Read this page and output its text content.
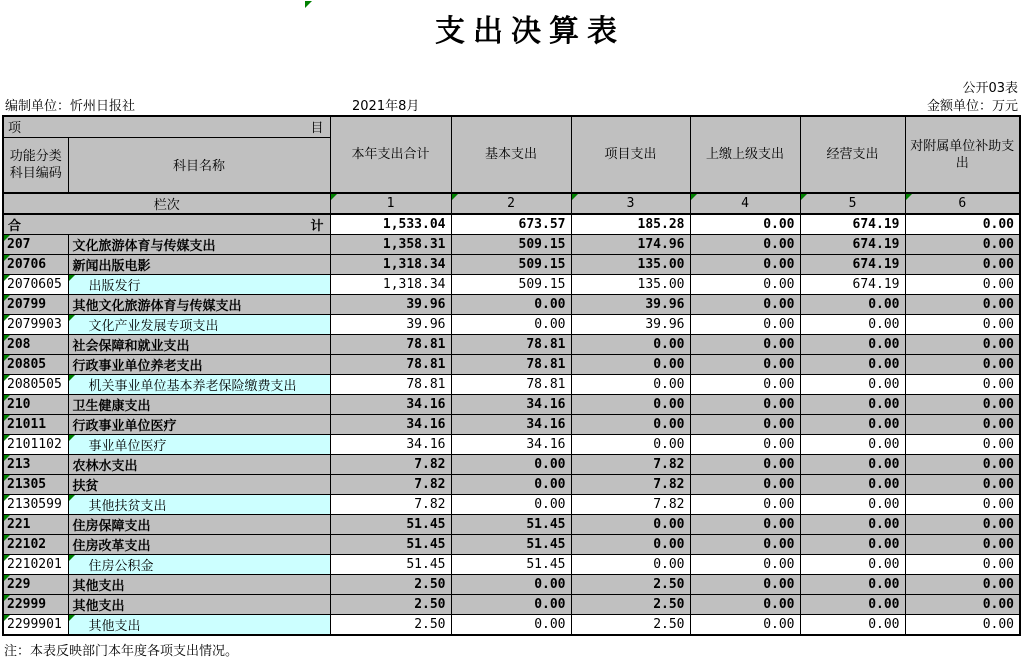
支出决算表
公开03表
编制单位：忻州日报社	2021年8月	金额单位：万元
项 目		本年支出合计	基本支出	项目支出	上缴上级支出	经营支出	对附属单位补助支出

功能分类
科目编码	科目名称						
栏次		1	2	3	4	5	6

合 计		1,533.04	673.57	185.28	0.00	674.19	0.00
207	文化旅游体育与传媒支出	1,358.31	509.15	174.96	0.00	674.19	0.00
20706	新闻出版电影	1,318.34	509.15	135.00	0.00	674.19	0.00
2070605	出版发行	1,318.34	509.15	135.00	0.00	674.19	0.00
20799	其他文化旅游体育与传媒支出	39.96	0.00	39.96	0.00	0.00	0.00
2079903	文化产业发展专项支出	39.96	0.00	39.96	0.00	0.00	0.00
208	社会保障和就业支出	78.81	78.81	0.00	0.00	0.00	0.00
20805	行政事业单位养老支出	78.81	78.81	0.00	0.00	0.00	0.00
2080505	机关事业单位基本养老保险缴费支出	78.81	78.81	0.00	0.00	0.00	0.00
210	卫生健康支出	34.16	34.16	0.00	0.00	0.00	0.00
21011	行政事业单位医疗	34.16	34.16	0.00	0.00	0.00	0.00
2101102	事业单位医疗	34.16	34.16	0.00	0.00	0.00	0.00
213	农林水支出	7.82	0.00	7.82	0.00	0.00	0.00
21305	扶贫	7.82	0.00	7.82	0.00	0.00	0.00
2130599	其他扶贫支出	7.82	0.00	7.82	0.00	0.00	0.00
221	住房保障支出	51.45	51.45	0.00	0.00	0.00	0.00
22102	住房改革支出	51.45	51.45	0.00	0.00	0.00	0.00
2210201	住房公积金	51.45	51.45	0.00	0.00	0.00	0.00
229	其他支出	2.50	0.00	2.50	0.00	0.00	0.00
22999	其他支出	2.50	0.00	2.50	0.00	0.00	0.00
2299901	其他支出	2.50	0.00	2.50	0.00	0.00	0.00
注：本表反映部门本年度各项支出情况。
